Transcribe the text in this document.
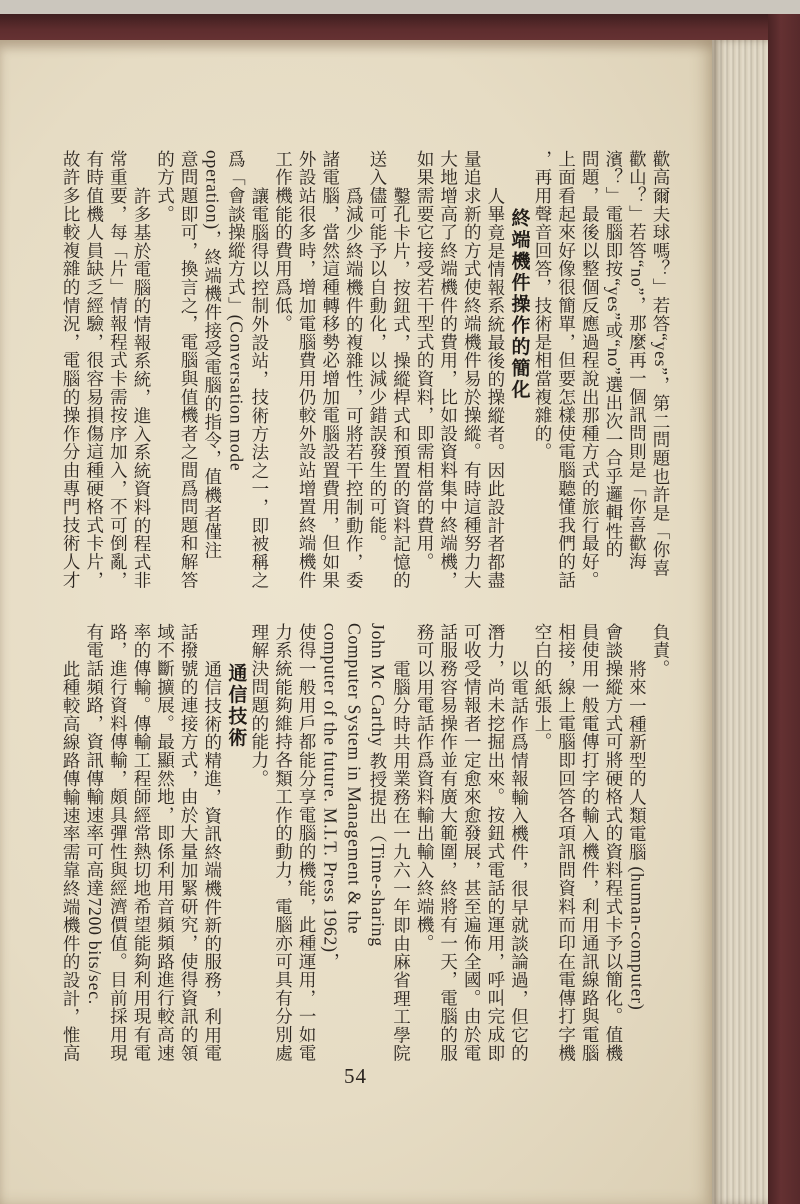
歡高爾夫球嗎？」若答“yes”，第二問題也許是「你喜
歡山？」若答“no”，那麼再一個訊問則是「你喜歡海
濱？」電腦即按“yes”或“no”選出次一合乎邏輯性的
問題，最後以整個反應過程說出那種方式的旅行最好。
上面看起來好像很簡單，但要怎樣使電腦聽懂我們的話
，再用聲音回答，技術是相當複雜的。
終端機件操作的簡化
人畢竟是情報系統最後的操縱者。因此設計者都盡
量追求新的方式使終端機件易於操縱。有時這種努力大
大地增高了終端機件的費用，比如設資料集中終端機，
如果需要它接受若干型式的資料，即需相當的費用。
鑿孔卡片，按鈕式，操縱桿式和預置的資料記憶的
送入儘可能予以自動化，以減少錯誤發生的可能。
爲減少終端機件的複雜性，可將若干控制動作，委
諸電腦，當然這種轉移勢必增加電腦設置費用，但如果
外設站很多時，增加電腦費用仍較外設站增置終端機件
工作機能的費用爲低。
讓電腦得以控制外設站，技術方法之一，即被稱之
爲「會談操縱方式」(Conversation mode
operation)，終端機件接受電腦的指令，值機者僅注
意問題即可，換言之，電腦與值機者之間爲問題和解答
的方式。
許多基於電腦的情報系統，進入系統資料的程式非
常重要，每「片」情報程式卡需按序加入，不可倒亂，
有時值機人員缺乏經驗，很容易損傷這種硬格式卡片，
故許多比較複雜的情況，電腦的操作分由專門技術人才
負責。
將來一種新型的人類電腦 (human-computer)
會談操縱方式可將硬格式的資料程式卡予以簡化。值機
員使用一般電傳打字的輸入機件，利用通訊線路與電腦
相接，線上電腦即回答各項訊問資料而印在電傳打字機
空白的紙張上。
以電話作爲情報輸入機件，很早就談論過，但它的
潛力，尚未挖掘出來。按鈕式電話的運用，呼叫完成即
可收受情報者一定愈來愈發展，甚至遍佈全國。由於電
話服務容易操作並有廣大範圍，終將有一天，電腦的服
務可以用電話作爲資料輸出輸入終端機。
電腦分時共用業務在一九六一年即由麻省理工學院
John Mc Carthy 教授提出（Time-sharing
Computer System in Management & the
computer of the future. M.I.T. Press 1962)，
使得一般用戶都能分享電腦的機能，此種運用，一如電
力系統能夠維持各類工作的動力，電腦亦可具有分別處
理解決問題的能力。
通信技術
通信技術的精進，資訊終端機件新的服務，利用電
話撥號的連接方式，由於大量加緊研究，使得資訊的領
域不斷擴展。最顯然地，即係利用音頻頻路進行較高速
率的傳輸。傳輸工程師經常熱切地希望能夠利用現有電
路，進行資料傳輸，頗具彈性與經濟價值。目前採用現
有電話頻路，資訊傳輸速率可高達7200 bits/sec.
此種較高線路傳輸速率需靠終端機件的設計，惟高
54
